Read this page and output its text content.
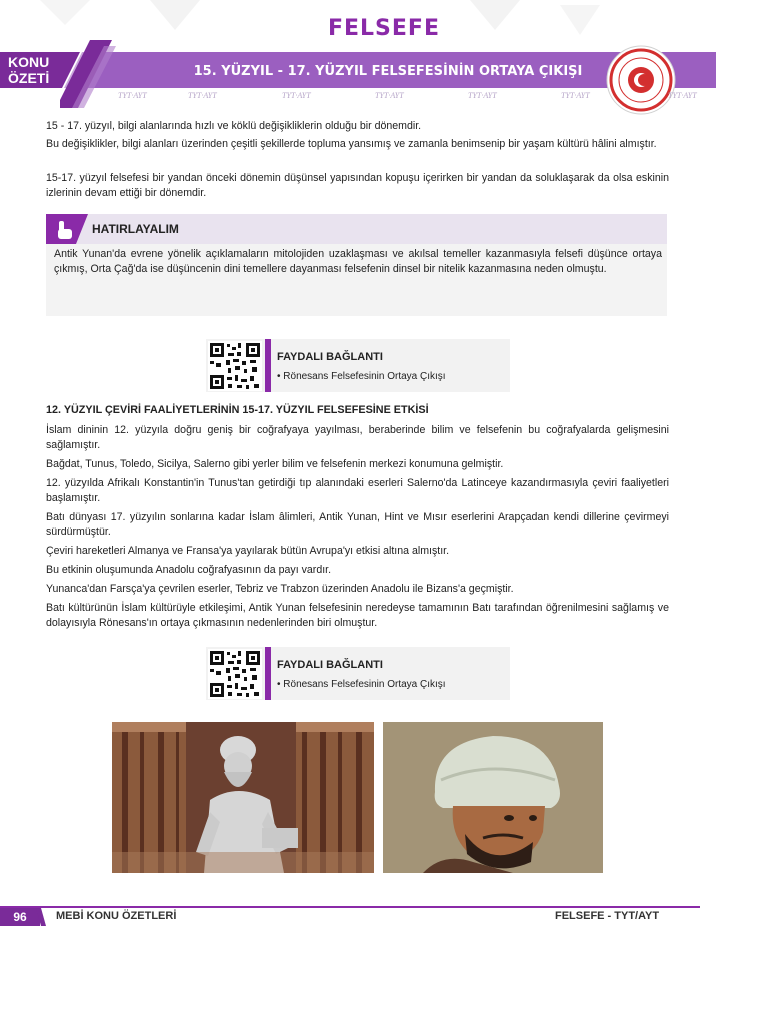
FELSEFE
KONU
ÖZETİ	15. YÜZYIL - 17. YÜZYIL FELSEFESİNİN ORTAYA ÇIKIŞI
TYT·AYT	TYT·AYT	TYT·AYT	TYT·AYT	TYT·AYT	TYT·AYT	TYT·AYT
15 - 17. yüzyıl, bilgi alanlarında hızlı ve köklü değişikliklerin olduğu bir dönemdir.
Bu değişiklikler, bilgi alanları üzerinden çeşitli şekillerde topluma yansımış ve zamanla benimsenip bir yaşam kültürü hâlini almıştır.
15-17. yüzyıl felsefesi bir yandan önceki dönemin düşünsel yapısından kopuşu içerirken bir yandan da soluklaşarak da olsa eskinin izlerinin devam ettiği bir dönemdir.
HATIRLAYALIM
Antik Yunan'da evrene yönelik açıklamaların mitolojiden uzaklaşması ve akılsal temeller kazanmasıyla felsefi düşünce ortaya çıkmış, Orta Çağ'da ise düşüncenin dini temellere dayanması felsefenin dinsel bir nitelik kazanmasına neden olmuştu.
FAYDALI BAĞLANTI
• Rönesans Felsefesinin Ortaya Çıkışı
12. YÜZYIL ÇEVİRİ FAALİYETLERİNİN 15-17. YÜZYIL FELSEFESİNE ETKİSİ
İslam dininin 12. yüzyıla doğru geniş bir coğrafyaya yayılması, beraberinde bilim ve felsefenin bu coğrafyalarda gelişmesini sağlamıştır.
Bağdat, Tunus, Toledo, Sicilya, Salerno gibi yerler bilim ve felsefenin merkezi konumuna gelmiştir.
12. yüzyılda Afrikalı Konstantin'in Tunus'tan getirdiği tıp alanındaki eserleri Salerno'da Latinceye kazandırmasıyla çeviri faaliyetleri başlamıştır.
Batı dünyası 17. yüzyılın sonlarına kadar İslam âlimleri, Antik Yunan, Hint ve Mısır eserlerini Arapçadan kendi dillerine çevirmeyi sürdürmüştür.
Çeviri hareketleri Almanya ve Fransa'ya yayılarak bütün Avrupa'yı etkisi altına almıştır.
Bu etkinin oluşumunda Anadolu coğrafyasının da payı vardır.
Yunanca'dan Farsça'ya çevrilen eserler, Tebriz ve Trabzon üzerinden Anadolu ile Bizans'a geçmiştir.
Batı kültürünün İslam kültürüyle etkileşimi, Antik Yunan felsefesinin neredeyse tamamının Batı tarafından öğrenilmesini sağlamış ve dolayısıyla Rönesans'ın ortaya çıkmasının nedenlerinden biri olmuştur.
FAYDALI BAĞLANTI
• Rönesans Felsefesinin Ortaya Çıkışı
96	MEBİ KONU ÖZETLERİ	FELSEFE - TYT/AYT
